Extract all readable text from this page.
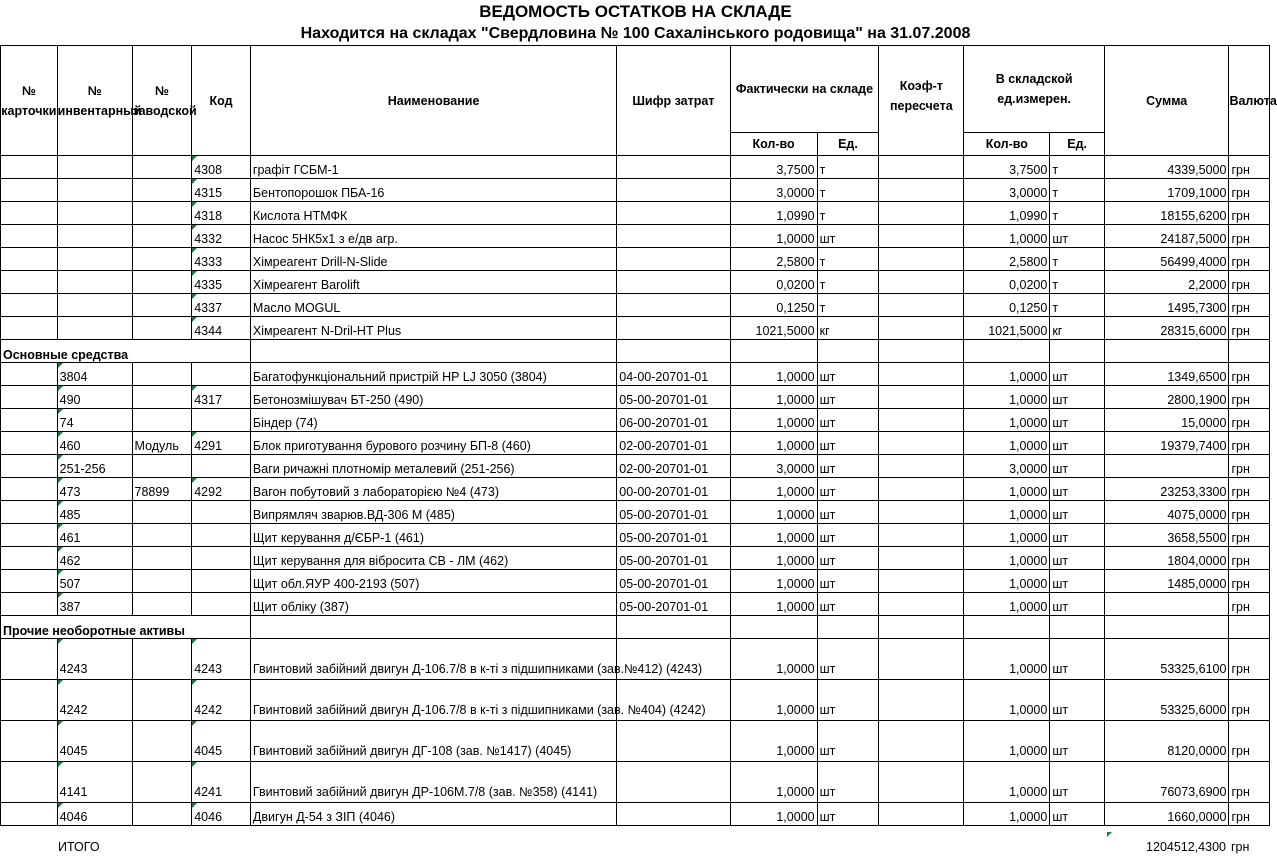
ВЕДОМОСТЬ ОСТАТКОВ НА СКЛАДЕ
Находится на складах "Свердловина № 100 Сахалінського родовища" на 31.07.2008
№ карточки	№ инвентарный	№ заводской	Код	Наименование	Шифр затрат	Фактически на складе		Коэф-т пересчета	В складской ед.измерен.		Сумма	Валюта
						Кол-во	Ед.		Кол-во	Ед.		
			4308	графіт ГСБМ-1		3,7500	т		3,7500	т	4339,5000	грн
			4315	Бентопорошок ПБА-16		3,0000	т		3,0000	т	1709,1000	грн
			4318	Кислота НТМФК		1,0990	т		1,0990	т	18155,6200	грн
			4332	Насос 5НК5х1 з е/дв агр.		1,0000	шт		1,0000	шт	24187,5000	грн
			4333	Хімреагент Drill-N-Slide		2,5800	т		2,5800	т	56499,4000	грн
			4335	Хімреагент Barolift		0,0200	т		0,0200	т	2,2000	грн
			4337	Масло MOGUL		0,1250	т		0,1250	т	1495,7300	грн
			4344	Хімреагент N-Dril-HT Plus		1021,5000	кг		1021,5000	кг	28315,6000	грн
Основные средства												
	3804			Багатофункціональний пристрій HP LJ 3050 (3804)	04-00-20701-01	1,0000	шт		1,0000	шт	1349,6500	грн
	490		4317	Бетонозмішувач БТ-250 (490)	05-00-20701-01	1,0000	шт		1,0000	шт	2800,1900	грн
	74			Біндер (74)	06-00-20701-01	1,0000	шт		1,0000	шт	15,0000	грн
	460	Модуль	4291	Блок приготування бурового розчину БП-8 (460)	02-00-20701-01	1,0000	шт		1,0000	шт	19379,7400	грн
	251-256			Ваги ричажні плотномір металевий (251-256)	02-00-20701-01	3,0000	шт		3,0000	шт		грн
	473	78899	4292	Вагон побутовий з лабораторією №4 (473)	00-00-20701-01	1,0000	шт		1,0000	шт	23253,3300	грн
	485			Випрямляч зварюв.ВД-306 М (485)	05-00-20701-01	1,0000	шт		1,0000	шт	4075,0000	грн
	461			Щит керування д/ЄБР-1 (461)	05-00-20701-01	1,0000	шт		1,0000	шт	3658,5500	грн
	462			Щит керування для вібросита СВ - ЛМ (462)	05-00-20701-01	1,0000	шт		1,0000	шт	1804,0000	грн
	507			Щит обл.ЯУР 400-2193 (507)	05-00-20701-01	1,0000	шт		1,0000	шт	1485,0000	грн
	387			Щит обліку (387)	05-00-20701-01	1,0000	шт		1,0000	шт		грн
Прочие необоротные активы												
	4243		4243	Гвинтовий забійний двигун Д-106.7/8 в к-ті з підшипниками (зав.№412) (4243)		1,0000	шт		1,0000	шт	53325,6100	грн
	4242		4242	Гвинтовий забійний двигун Д-106.7/8 в к-ті з підшипниками (зав. №404) (4242)		1,0000	шт		1,0000	шт	53325,6000	грн
	4045		4045	Гвинтовий забійний двигун ДГ-108 (зав. №1417) (4045)		1,0000	шт		1,0000	шт	8120,0000	грн
	4141		4241	Гвинтовий забійний двигун ДР-106М.7/8 (зав. №358) (4141)		1,0000	шт		1,0000	шт	76073,6900	грн
	4046		4046	Двигун Д-54 з ЗІП (4046)		1,0000	шт		1,0000	шт	1660,0000	грн
ИТОГО	1204512,4300 грн
